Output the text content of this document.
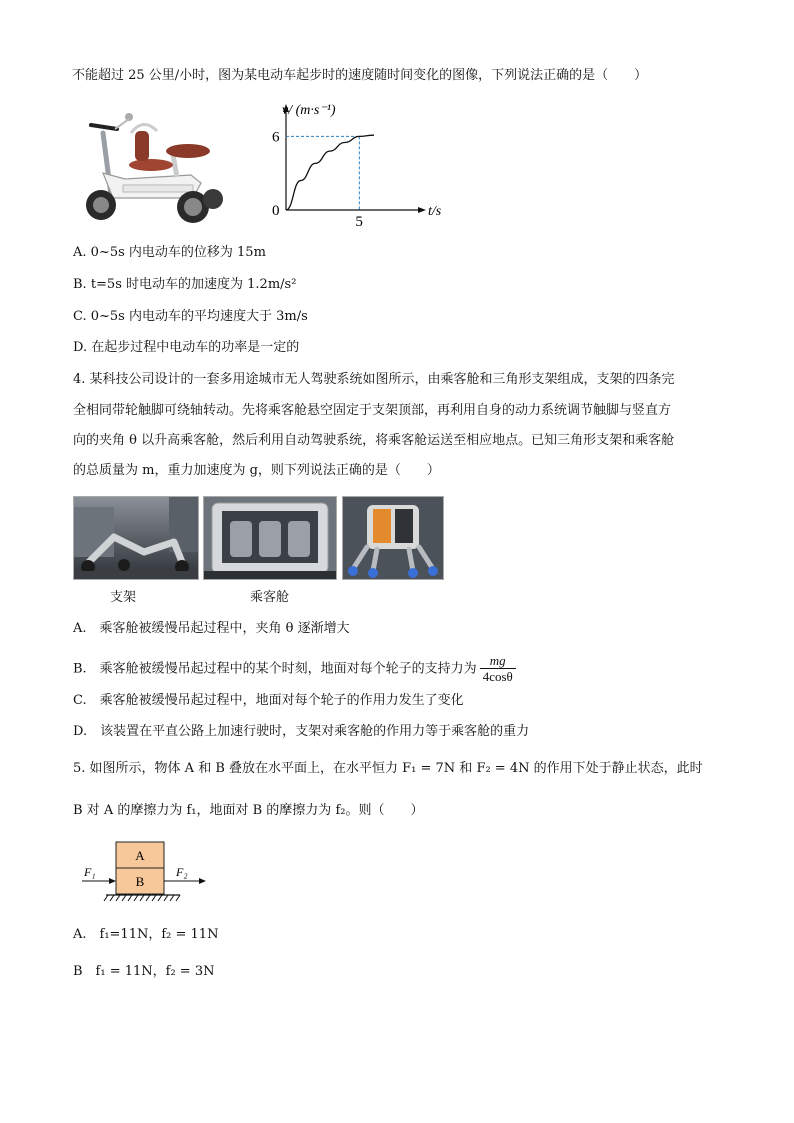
不能超过 25 公里/小时，图为某电动车起步时的速度随时间变化的图像，下列说法正确的是（　　）
v/ (m·s⁻¹)
t/s
6
5
0
A. 0~5s 内电动车的位移为 15m
B. t=5s 时电动车的加速度为 1.2m/s²
C. 0~5s 内电动车的平均速度大于 3m/s
D. 在起步过程中电动车的功率是一定的
4. 某科技公司设计的一套多用途城市无人驾驶系统如图所示，由乘客舱和三角形支架组成，支架的四条完
全相同带轮触脚可绕轴转动。先将乘客舱悬空固定于支架顶部，再利用自身的动力系统调节触脚与竖直方
向的夹角 θ 以升高乘客舱，然后利用自动驾驶系统，将乘客舱运送至相应地点。已知三角形支架和乘客舱
的总质量为 m，重力加速度为 g，则下列说法正确的是（　　）
支架	乘客舱
A.　乘客舱被缓慢吊起过程中，夹角 θ 逐渐增大
B.　乘客舱被缓慢吊起过程中的某个时刻，地面对每个轮子的支持力为 $\frac{mg}{4\cos\theta}$
C.　乘客舱被缓慢吊起过程中，地面对每个轮子的作用力发生了变化
D.　该装置在平直公路上加速行驶时，支架对乘客舱的作用力等于乘客舱的重力
5. 如图所示，物体 A 和 B 叠放在水平面上，在水平恒力 F₁ = 7N 和 F₂ = 4N 的作用下处于静止状态，此时
B 对 A 的摩擦力为 f₁，地面对 B 的摩擦力为 f₂。则（　　）
A
B
F₁	F₂
A.　f₁=11N，f₂ = 11N
B　f₁ = 11N，f₂ = 3N
